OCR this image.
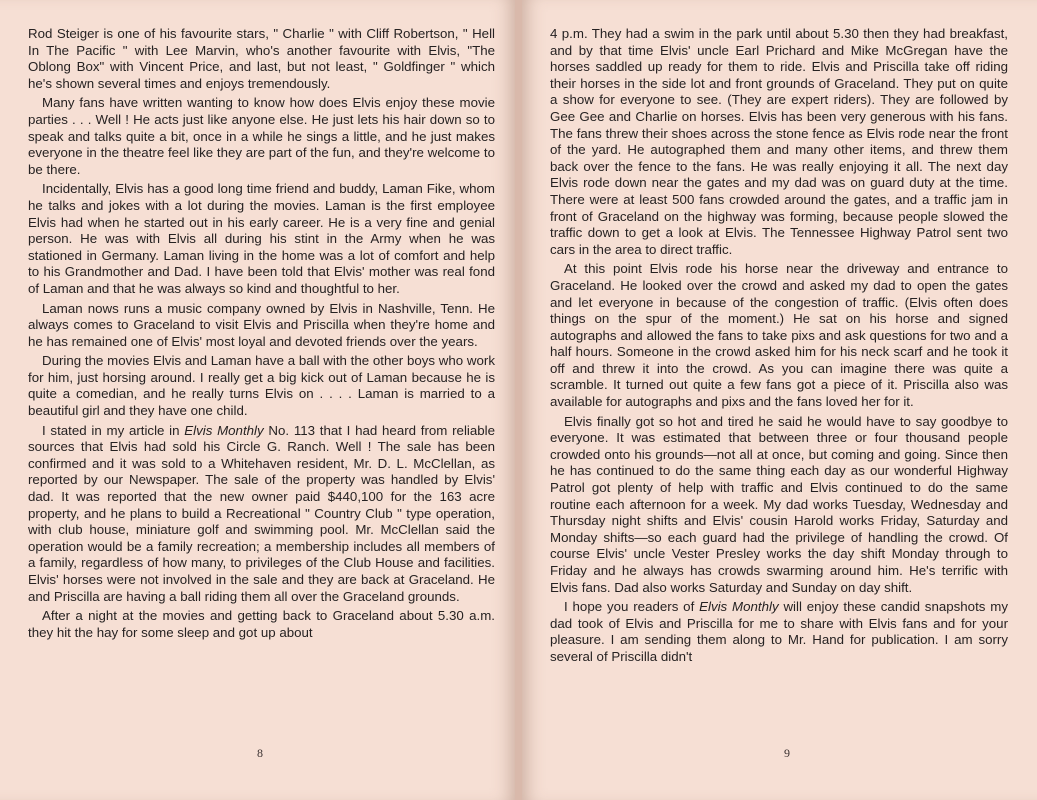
Rod Steiger is one of his favourite stars, " Charlie " with Cliff Robertson, " Hell In The Pacific " with Lee Marvin, who's another favourite with Elvis, "The Oblong Box" with Vincent Price, and last, but not least, " Goldfinger " which he's shown several times and enjoys tremendously.

Many fans have written wanting to know how does Elvis enjoy these movie parties . . . Well ! He acts just like anyone else. He just lets his hair down so to speak and talks quite a bit, once in a while he sings a little, and he just makes everyone in the theatre feel like they are part of the fun, and they're welcome to be there.

Incidentally, Elvis has a good long time friend and buddy, Laman Fike, whom he talks and jokes with a lot during the movies. Laman is the first employee Elvis had when he started out in his early career. He is a very fine and genial person. He was with Elvis all during his stint in the Army when he was stationed in Germany. Laman living in the home was a lot of comfort and help to his Grandmother and Dad. I have been told that Elvis' mother was real fond of Laman and that he was always so kind and thoughtful to her.

Laman nows runs a music company owned by Elvis in Nashville, Tenn. He always comes to Graceland to visit Elvis and Priscilla when they're home and he has remained one of Elvis' most loyal and devoted friends over the years.

During the movies Elvis and Laman have a ball with the other boys who work for him, just horsing around. I really get a big kick out of Laman because he is quite a comedian, and he really turns Elvis on . . . . Laman is married to a beautiful girl and they have one child.

I stated in my article in Elvis Monthly No. 113 that I had heard from reliable sources that Elvis had sold his Circle G. Ranch. Well ! The sale has been confirmed and it was sold to a Whitehaven resident, Mr. D. L. McClellan, as reported by our Newspaper. The sale of the property was handled by Elvis' dad. It was reported that the new owner paid $440,100 for the 163 acre property, and he plans to build a Recreational " Country Club " type operation, with club house, miniature golf and swimming pool. Mr. McClellan said the operation would be a family recreation; a membership includes all members of a family, regardless of how many, to privileges of the Club House and facilities. Elvis' horses were not involved in the sale and they are back at Graceland. He and Priscilla are having a ball riding them all over the Graceland grounds.

After a night at the movies and getting back to Graceland about 5.30 a.m. they hit the hay for some sleep and got up about

8

4 p.m. They had a swim in the park until about 5.30 then they had breakfast, and by that time Elvis' uncle Earl Prichard and Mike McGregan have the horses saddled up ready for them to ride. Elvis and Priscilla take off riding their horses in the side lot and front grounds of Graceland. They put on quite a show for everyone to see. (They are expert riders). They are followed by Gee Gee and Charlie on horses. Elvis has been very generous with his fans. The fans threw their shoes across the stone fence as Elvis rode near the front of the yard. He autographed them and many other items, and threw them back over the fence to the fans. He was really enjoying it all. The next day Elvis rode down near the gates and my dad was on guard duty at the time. There were at least 500 fans crowded around the gates, and a traffic jam in front of Graceland on the highway was forming, because people slowed the traffic down to get a look at Elvis. The Tennessee Highway Patrol sent two cars in the area to direct traffic.

At this point Elvis rode his horse near the driveway and entrance to Graceland. He looked over the crowd and asked my dad to open the gates and let everyone in because of the congestion of traffic. (Elvis often does things on the spur of the moment.) He sat on his horse and signed autographs and allowed the fans to take pixs and ask questions for two and a half hours. Someone in the crowd asked him for his neck scarf and he took it off and threw it into the crowd. As you can imagine there was quite a scramble. It turned out quite a few fans got a piece of it. Priscilla also was available for autographs and pixs and the fans loved her for it.

Elvis finally got so hot and tired he said he would have to say goodbye to everyone. It was estimated that between three or four thousand people crowded onto his grounds—not all at once, but coming and going. Since then he has continued to do the same thing each day as our wonderful Highway Patrol got plenty of help with traffic and Elvis continued to do the same routine each afternoon for a week. My dad works Tuesday, Wednesday and Thursday night shifts and Elvis' cousin Harold works Friday, Saturday and Monday shifts—so each guard had the privilege of handling the crowd. Of course Elvis' uncle Vester Presley works the day shift Monday through to Friday and he always has crowds swarming around him. He's terrific with Elvis fans. Dad also works Saturday and Sunday on day shift.

I hope you readers of Elvis Monthly will enjoy these candid snapshots my dad took of Elvis and Priscilla for me to share with Elvis fans and for your pleasure. I am sending them along to Mr. Hand for publication. I am sorry several of Priscilla didn't

9
